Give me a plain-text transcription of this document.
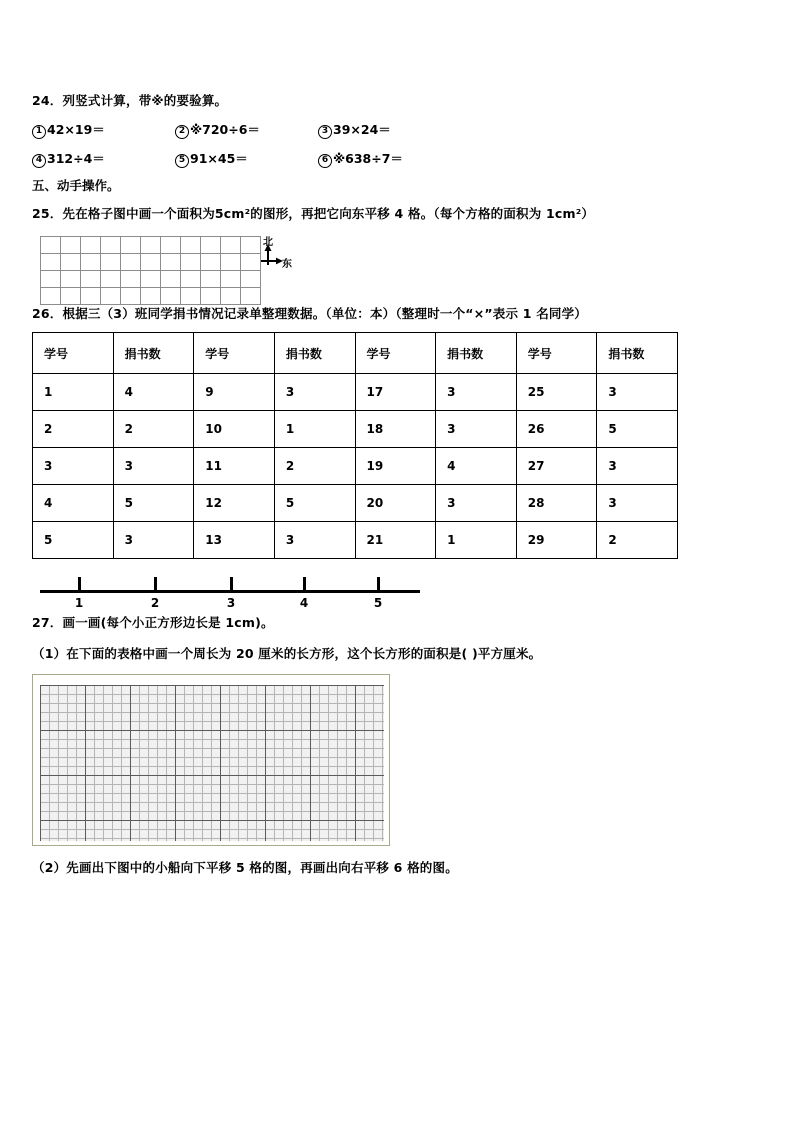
24．列竖式计算，带※的要验算。
1 42×19＝	2 ※720÷6＝	3 39×24＝
4 312÷4＝	5 91×45＝	6 ※638÷7＝
五、动手操作。
25．先在格子图中画一个面积为5cm²的图形，再把它向东平移 4 格。（每个方格的面积为 1cm²）

北
东
26．根据三（3）班同学捐书情况记录单整理数据。（单位：本）（整理时一个“×”表示 1 名同学）
学号	捐书数	学号	捐书数	学号	捐书数	学号	捐书数
1	4	9	3	17	3	25	3
2	2	10	1	18	3	26	5
3	3	11	2	19	4	27	3
4	5	12	5	20	3	28	3
5	3	13	3	21	1	29	2
1	2	3	4	5
27．画一画(每个小正方形边长是 1cm)。
（1）在下面的表格中画一个周长为 20 厘米的长方形，这个长方形的面积是( )平方厘米。
（2）先画出下图中的小船向下平移 5 格的图，再画出向右平移 6 格的图。
